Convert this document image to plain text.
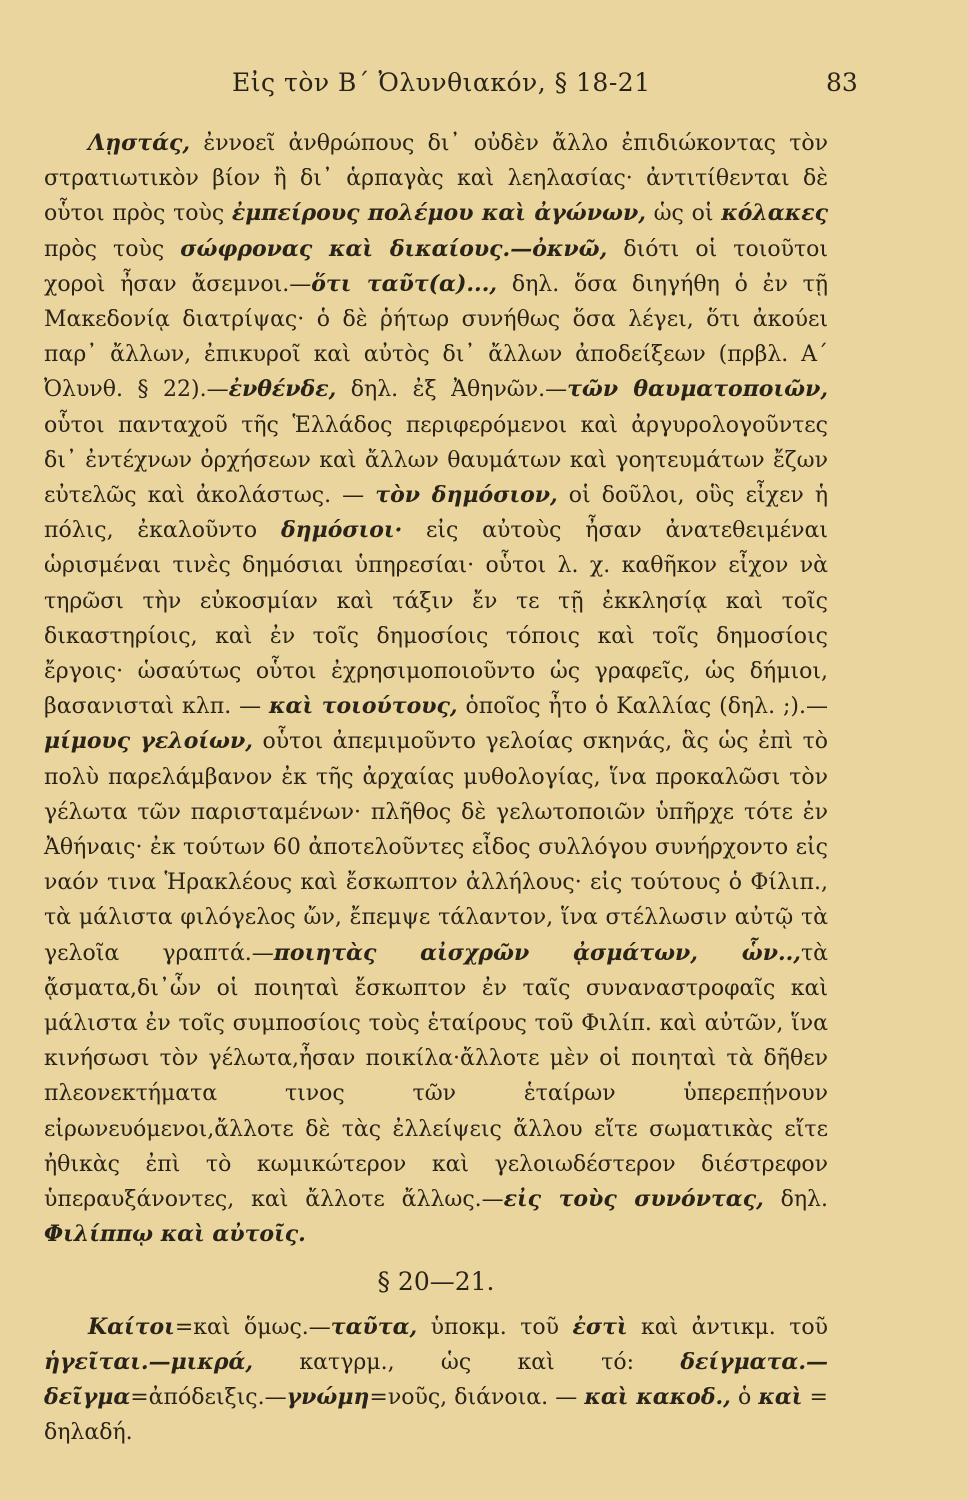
Εἰς τὸν Β΄ Ὀλυνθιακόν, § 18-21	83

Λῃστάς, ἐννοεῖ ἀνθρώπους δι᾽ οὐδὲν ἄλλο ἐπιδιώκοντας τὸν στρατιωτικὸν βίον ἢ δι᾽ ἁρπαγὰς καὶ λεηλασίας· ἀντιτίθενται δὲ οὗτοι πρὸς τοὺς ἐμπείρους πολέμου καὶ ἀγώνων, ὡς οἱ κόλακες πρὸς τοὺς σώφρονας καὶ δικαίους.—ὀκνῶ, διότι οἱ τοιοῦτοι χοροὶ ἦσαν ἄσεμνοι.—ὅτι ταῦτ(α)..., δηλ. ὅσα διηγήθη ὁ ἐν τῇ Μακεδονίᾳ διατρίψας· ὁ δὲ ῥήτωρ συνήθως ὅσα λέγει, ὅτι ἀκούει παρ᾽ ἄλλων, ἐπικυροῖ καὶ αὐτὸς δι᾽ ἄλλων ἀποδείξεων (πρβλ. Α΄ Ὀλυνθ. § 22).—ἐνθένδε, δηλ. ἐξ Ἀθηνῶν.—τῶν θαυματοποιῶν, οὗτοι πανταχοῦ τῆς Ἑλλάδος περιφερόμενοι καὶ ἀργυρολογοῦντες δι᾽ ἐντέχνων ὀρχήσεων καὶ ἄλλων θαυμάτων καὶ γοητευμάτων ἔζων εὐτελῶς καὶ ἀκολάστως. — τὸν δημόσιον, οἱ δοῦλοι, οὓς εἶχεν ἡ πόλις, ἐκαλοῦντο δημόσιοι· εἰς αὐτοὺς ἦσαν ἀνατεθειμέναι ὡρισμέναι τινὲς δημόσιαι ὑπηρεσίαι· οὗτοι λ. χ. καθῆκον εἶχον νὰ τηρῶσι τὴν εὐκοσμίαν καὶ τάξιν ἔν τε τῇ ἐκκλησίᾳ καὶ τοῖς δικαστηρίοις, καὶ ἐν τοῖς δημοσίοις τόποις καὶ τοῖς δημοσίοις ἔργοις· ὡσαύτως οὗτοι ἐχρησιμοποιοῦντο ὡς γραφεῖς, ὡς δήμιοι, βασανισταὶ κλπ. — καὶ τοιούτους, ὁποῖος ἦτο ὁ Καλλίας (δηλ. ;).— μίμους γελοίων, οὗτοι ἀπεμιμοῦντο γελοίας σκηνάς, ἃς ὡς ἐπὶ τὸ πολὺ παρελάμβανον ἐκ τῆς ἀρχαίας μυθολογίας, ἵνα προκαλῶσι τὸν γέλωτα τῶν παρισταμένων· πλῆθος δὲ γελωτοποιῶν ὑπῆρχε τότε ἐν Ἀθήναις· ἐκ τούτων 60 ἀποτελοῦντες εἶδος συλλόγου συνήρχοντο εἰς ναόν τινα Ἡρακλέους καὶ ἔσκωπτον ἀλλήλους· εἰς τούτους ὁ Φίλιπ., τὰ μάλιστα φιλόγελος ὤν, ἔπεμψε τάλαντον, ἵνα στέλλωσιν αὐτῷ τὰ γελοῖα γραπτά.—ποιητὰς αἰσχρῶν ᾀσμάτων, ὧν..,τὰ ᾄσματα,δι᾽ὧν οἱ ποιηταὶ ἔσκωπτον ἐν ταῖς συναναστροφαῖς καὶ μάλιστα ἐν τοῖς συμποσίοις τοὺς ἑταίρους τοῦ Φιλίπ. καὶ αὐτῶν, ἵνα κινήσωσι τὸν γέλωτα,ἦσαν ποικίλα·ἄλλοτε μὲν οἱ ποιηταὶ τὰ δῆθεν πλεονεκτήματα τινος τῶν ἑταίρων ὑπερεπῄνουν εἰρωνευόμενοι,ἄλλοτε δὲ τὰς ἐλλείψεις ἄλλου εἴτε σωματικὰς εἴτε ἠθικὰς ἐπὶ τὸ κωμικώτερον καὶ γελοιωδέστερον διέστρεφον ὑπεραυξάνοντες, καὶ ἄλλοτε ἄλλως.—εἰς τοὺς συνόντας, δηλ. Φιλίππῳ καὶ αὐτοῖς.

§ 20—21.

Καίτοι=καὶ ὅμως.—ταῦτα, ὑποκμ. τοῦ ἐστὶ καὶ ἀντικμ. τοῦ ἡγεῖται.—μικρά, κατγρμ., ὡς καὶ τό: δείγματα.—δεῖγμα=ἀπόδειξις.—γνώμη=νοῦς, διάνοια. — καὶ κακοδ., ὁ καὶ = δηλαδή.
